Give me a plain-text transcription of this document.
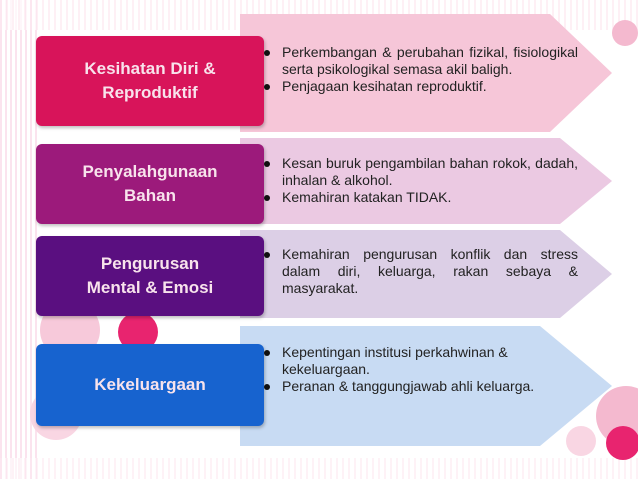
Perkembangan & perubahan fizikal, fisiologikal serta psikologikal semasa akil baligh.
Penjagaan kesihatan reproduktif.
Kesihatan Diri &
Reproduktif
Kesan buruk pengambilan bahan rokok, dadah, inhalan & alkohol.
Kemahiran katakan TIDAK.
Penyalahgunaan
Bahan
Kemahiran pengurusan konflik dan stress dalam diri, keluarga, rakan sebaya & masyarakat.
Pengurusan
Mental & Emosi
Kepentingan institusi perkahwinan & kekeluargaan.
Peranan & tanggungjawab ahli keluarga.
Kekeluargaan
